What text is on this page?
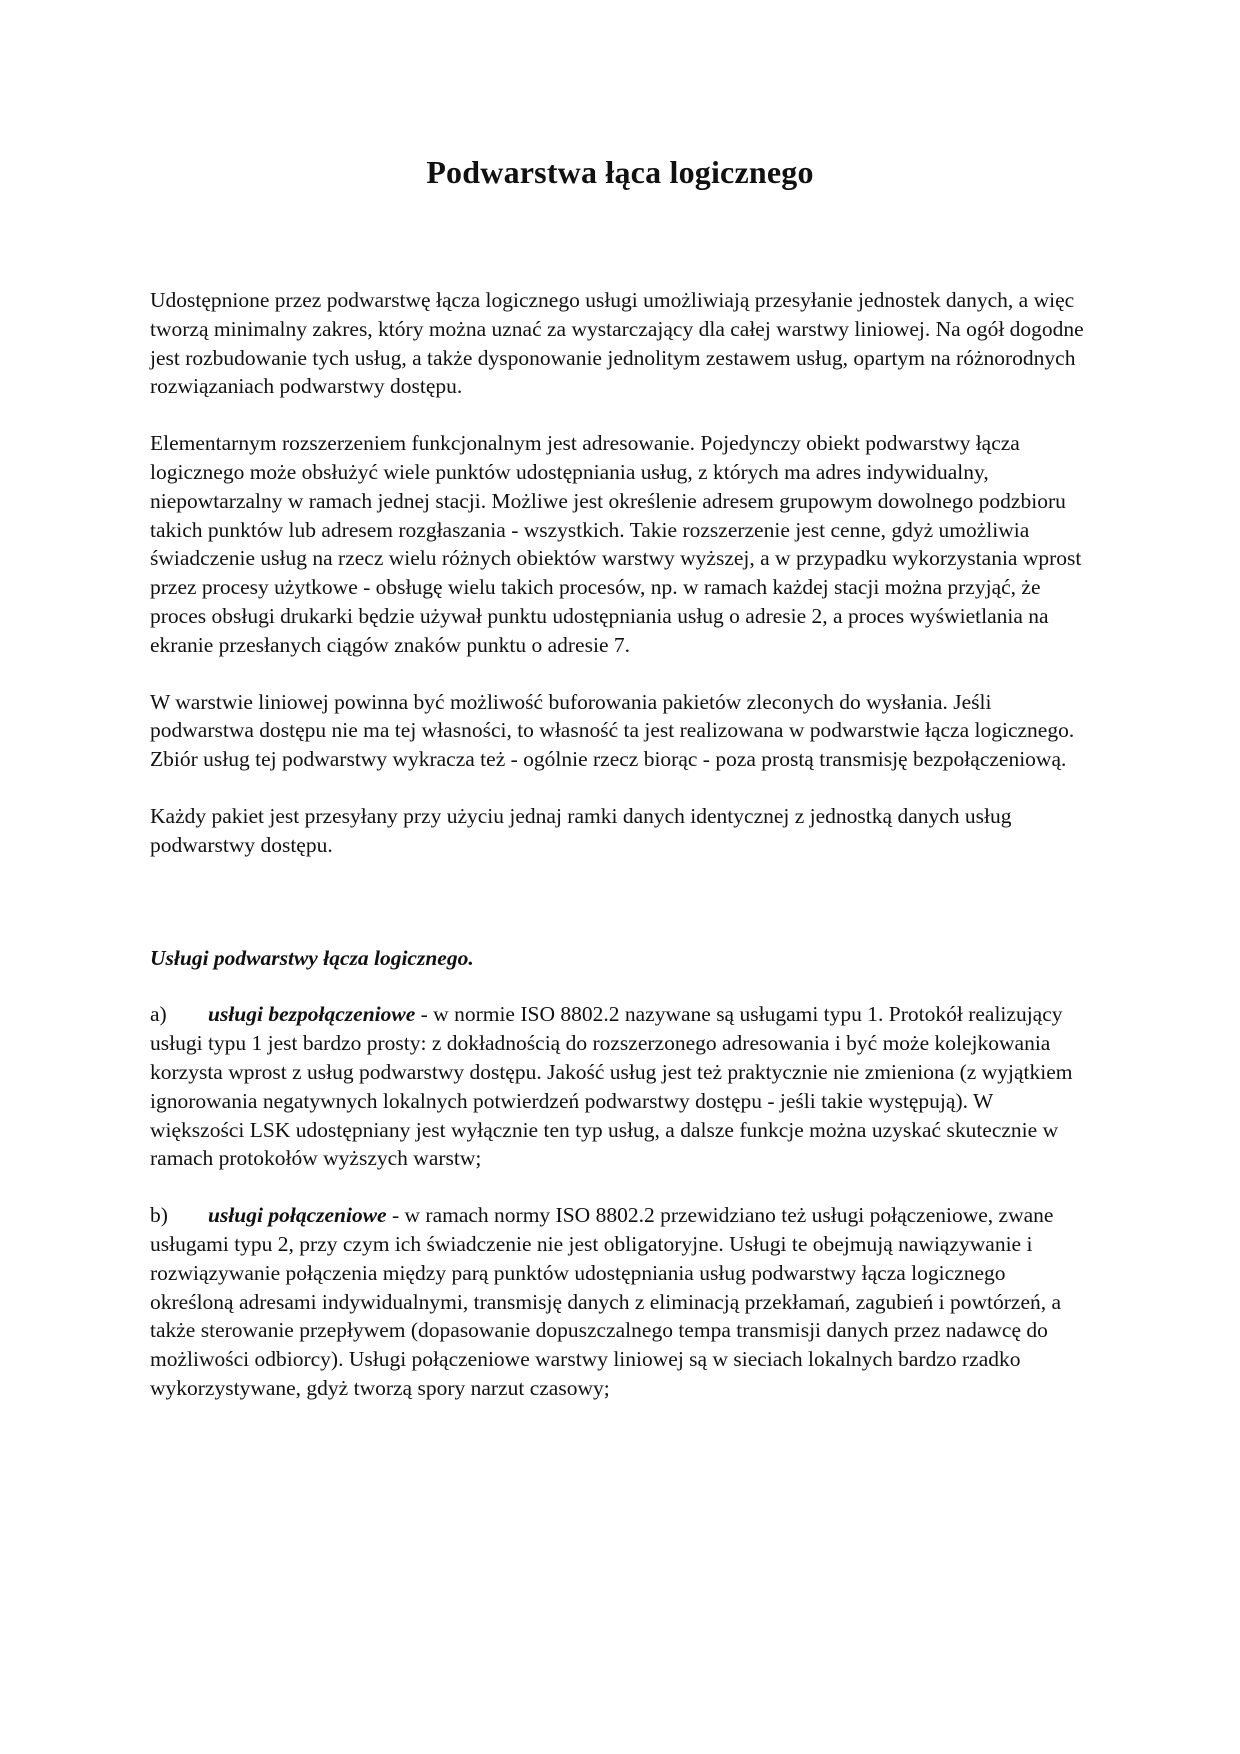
Podwarstwa łąca logicznego

Udostępnione przez podwarstwę łącza logicznego usługi umożliwiają przesyłanie jednostek danych, a więc tworzą minimalny zakres, który można uznać za wystarczający dla całej warstwy liniowej. Na ogół dogodne jest rozbudowanie tych usług, a także dysponowanie jednolitym zestawem usług, opartym na różnorodnych rozwiązaniach podwarstwy dostępu.

Elementarnym rozszerzeniem funkcjonalnym jest adresowanie. Pojedynczy obiekt podwarstwy łącza logicznego może obsłużyć wiele punktów udostępniania usług, z których ma adres indywidualny, niepowtarzalny w ramach jednej stacji. Możliwe jest określenie adresem grupowym dowolnego podzbioru takich punktów lub adresem rozgłaszania - wszystkich. Takie rozszerzenie jest cenne, gdyż umożliwia świadczenie usług na rzecz wielu różnych obiektów warstwy wyższej, a w przypadku wykorzystania wprost przez procesy użytkowe - obsługę wielu takich procesów, np. w ramach każdej stacji można przyjąć, że proces obsługi drukarki będzie używał punktu udostępniania usług o adresie 2, a proces wyświetlania na ekranie przesłanych ciągów znaków punktu o adresie 7.

W warstwie liniowej powinna być możliwość buforowania pakietów zleconych do wysłania. Jeśli podwarstwa dostępu nie ma tej własności, to własność ta jest realizowana w podwarstwie łącza logicznego. Zbiór usług tej podwarstwy wykracza też - ogólnie rzecz biorąc - poza prostą transmisję bezpołączeniową.

Każdy pakiet jest przesyłany przy użyciu jednaj ramki danych identycznej z jednostką danych usług podwarstwy dostępu.

Usługi podwarstwy łącza logicznego.

a) usługi bezpołączeniowe - w normie ISO 8802.2 nazywane są usługami typu 1. Protokół realizujący usługi typu 1 jest bardzo prosty: z dokładnością do rozszerzonego adresowania i być może kolejkowania korzysta wprost z usług podwarstwy dostępu. Jakość usług jest też praktycznie nie zmieniona (z wyjątkiem ignorowania negatywnych lokalnych potwierdzeń podwarstwy dostępu - jeśli takie występują). W większości LSK udostępniany jest wyłącznie ten typ usług, a dalsze funkcje można uzyskać skutecznie w ramach protokołów wyższych warstw;

b) usługi połączeniowe - w ramach normy ISO 8802.2 przewidziano też usługi połączeniowe, zwane usługami typu 2, przy czym ich świadczenie nie jest obligatoryjne. Usługi te obejmują nawiązywanie i rozwiązywanie połączenia między parą punktów udostępniania usług podwarstwy łącza logicznego określoną adresami indywidualnymi, transmisję danych z eliminacją przekłamań, zagubień i powtórzeń, a także sterowanie przepływem (dopasowanie dopuszczalnego tempa transmisji danych przez nadawcę do możliwości odbiorcy). Usługi połączeniowe warstwy liniowej są w sieciach lokalnych bardzo rzadko wykorzystywane, gdyż tworzą spory narzut czasowy;
